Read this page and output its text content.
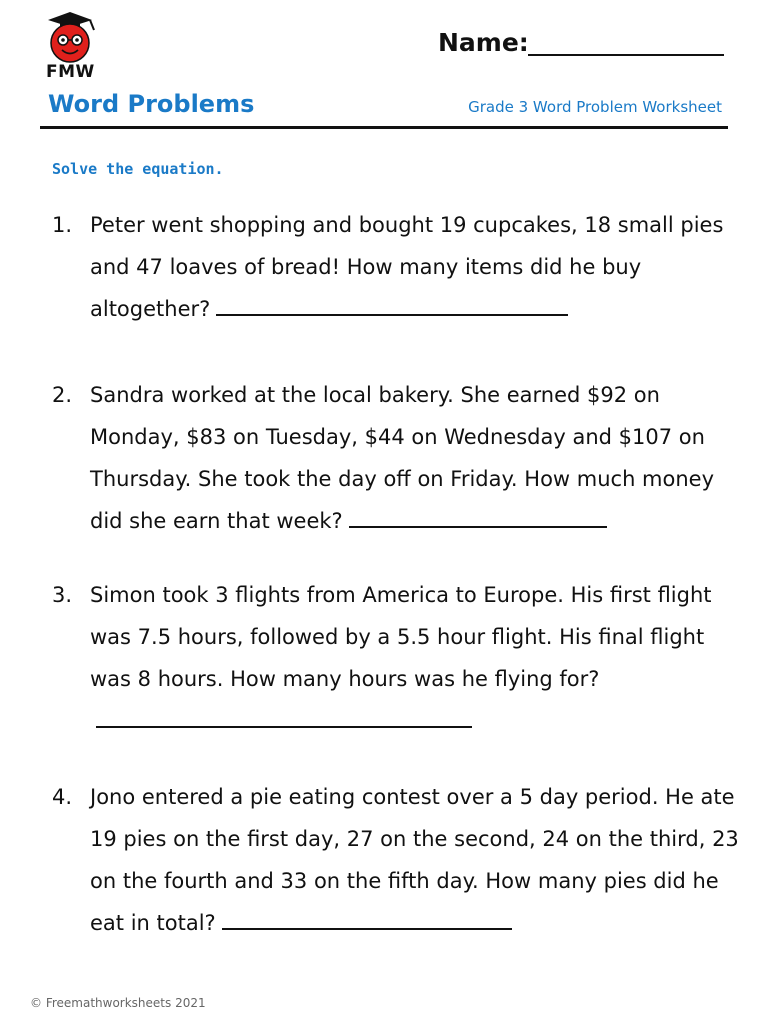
FMW
Name:
Word Problems	Grade 3 Word Problem Worksheet
Solve the equation.
1. Peter went shopping and bought 19 cupcakes, 18 small pies and 47 loaves of bread! How many items did he buy altogether?
2. Sandra worked at the local bakery. She earned $92 on Monday, $83 on Tuesday, $44 on Wednesday and $107 on Thursday. She took the day off on Friday. How much money did she earn that week?
3. Simon took 3 flights from America to Europe. His first flight was 7.5 hours, followed by a 5.5 hour flight. His final flight was 8 hours. How many hours was he flying for?
4. Jono entered a pie eating contest over a 5 day period. He ate 19 pies on the first day, 27 on the second, 24 on the third, 23 on the fourth and 33 on the fifth day. How many pies did he eat in total?
© Freemathworksheets 2021
